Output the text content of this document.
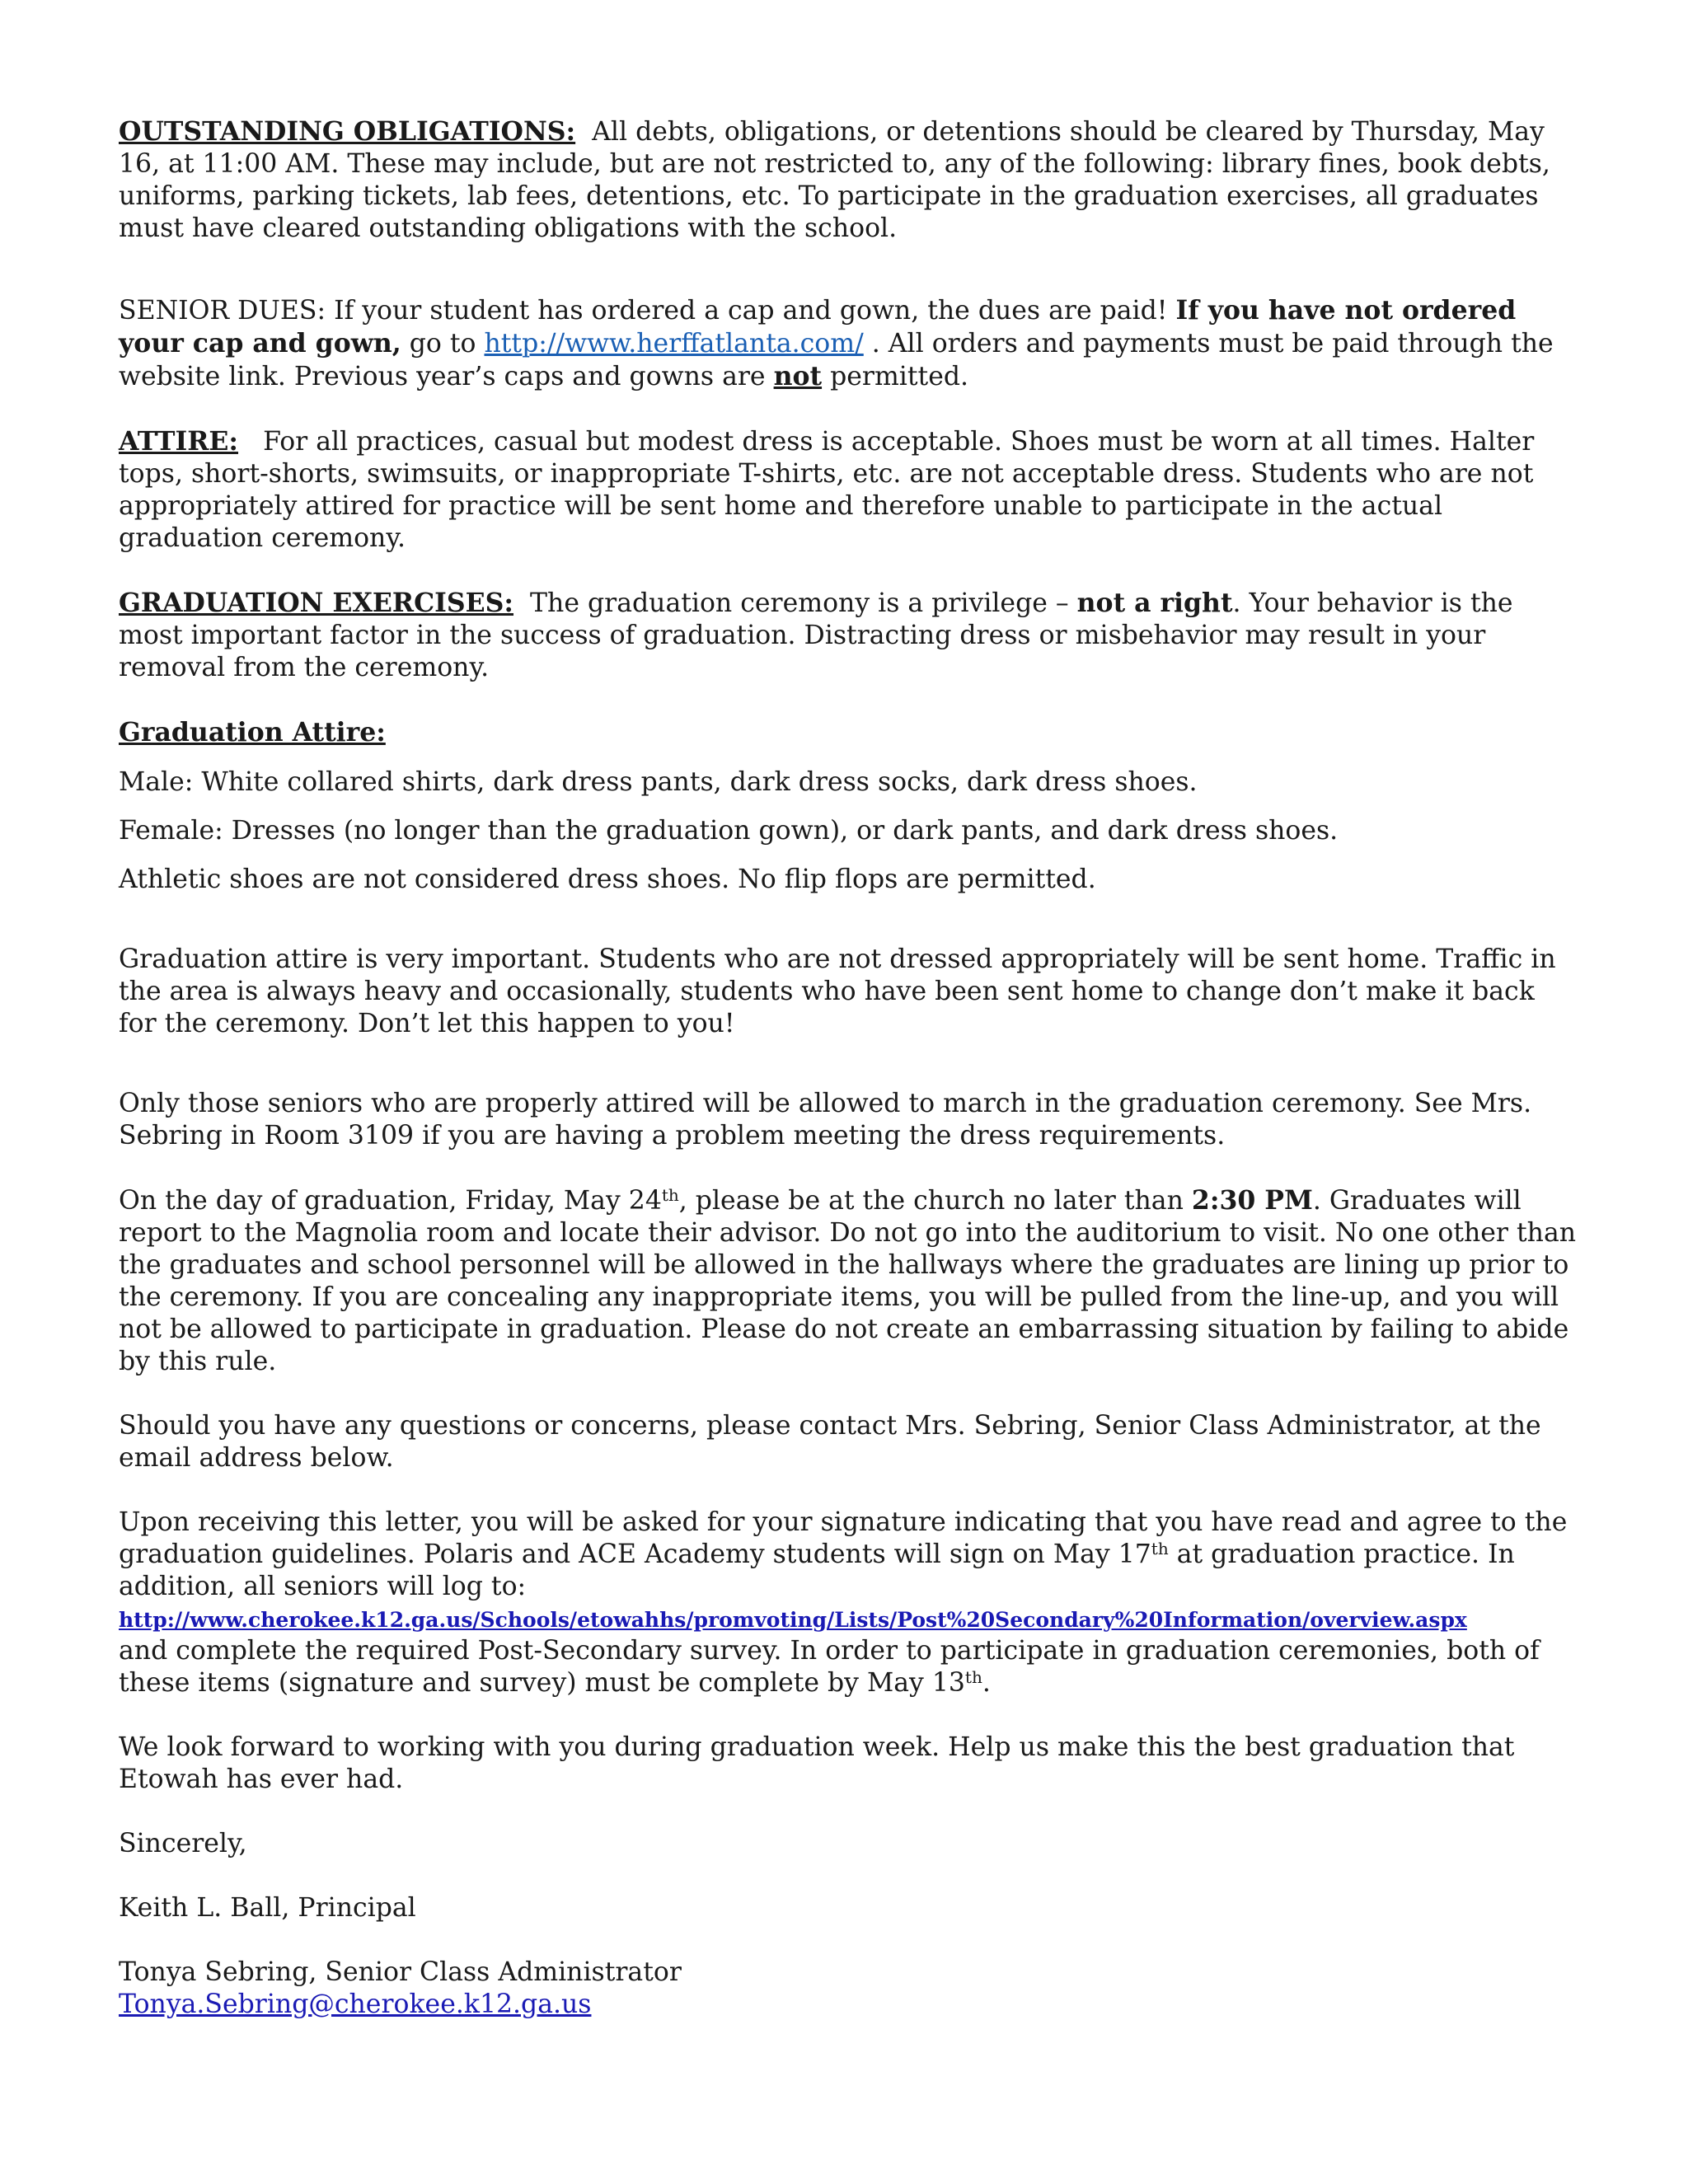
OUTSTANDING OBLIGATIONS: All debts, obligations, or detentions should be cleared by Thursday, May 16, at 11:00 AM. These may include, but are not restricted to, any of the following: library fines, book debts, uniforms, parking tickets, lab fees, detentions, etc. To participate in the graduation exercises, all graduates must have cleared outstanding obligations with the school.

SENIOR DUES: If your student has ordered a cap and gown, the dues are paid! If you have not ordered your cap and gown, go to http://www.herffatlanta.com/ . All orders and payments must be paid through the website link. Previous year’s caps and gowns are not permitted.

ATTIRE: For all practices, casual but modest dress is acceptable. Shoes must be worn at all times. Halter tops, short-shorts, swimsuits, or inappropriate T-shirts, etc. are not acceptable dress. Students who are not appropriately attired for practice will be sent home and therefore unable to participate in the actual graduation ceremony.

GRADUATION EXERCISES: The graduation ceremony is a privilege – not a right. Your behavior is the most important factor in the success of graduation. Distracting dress or misbehavior may result in your removal from the ceremony.

Graduation Attire:

Male: White collared shirts, dark dress pants, dark dress socks, dark dress shoes.

Female: Dresses (no longer than the graduation gown), or dark pants, and dark dress shoes.

Athletic shoes are not considered dress shoes. No flip flops are permitted.

Graduation attire is very important. Students who are not dressed appropriately will be sent home. Traffic in the area is always heavy and occasionally, students who have been sent home to change don’t make it back for the ceremony. Don’t let this happen to you!

Only those seniors who are properly attired will be allowed to march in the graduation ceremony. See Mrs. Sebring in Room 3109 if you are having a problem meeting the dress requirements.

On the day of graduation, Friday, May 24th, please be at the church no later than 2:30 PM. Graduates will report to the Magnolia room and locate their advisor. Do not go into the auditorium to visit. No one other than the graduates and school personnel will be allowed in the hallways where the graduates are lining up prior to the ceremony. If you are concealing any inappropriate items, you will be pulled from the line-up, and you will not be allowed to participate in graduation. Please do not create an embarrassing situation by failing to abide by this rule.

Should you have any questions or concerns, please contact Mrs. Sebring, Senior Class Administrator, at the email address below.

Upon receiving this letter, you will be asked for your signature indicating that you have read and agree to the graduation guidelines. Polaris and ACE Academy students will sign on May 17th at graduation practice. In addition, all seniors will log to:
http://www.cherokee.k12.ga.us/Schools/etowahhs/promvoting/Lists/Post%20Secondary%20Information/overview.aspx
and complete the required Post-Secondary survey. In order to participate in graduation ceremonies, both of these items (signature and survey) must be complete by May 13th.

We look forward to working with you during graduation week. Help us make this the best graduation that Etowah has ever had.

Sincerely,

Keith L. Ball, Principal

Tonya Sebring, Senior Class Administrator

Tonya.Sebring@cherokee.k12.ga.us
